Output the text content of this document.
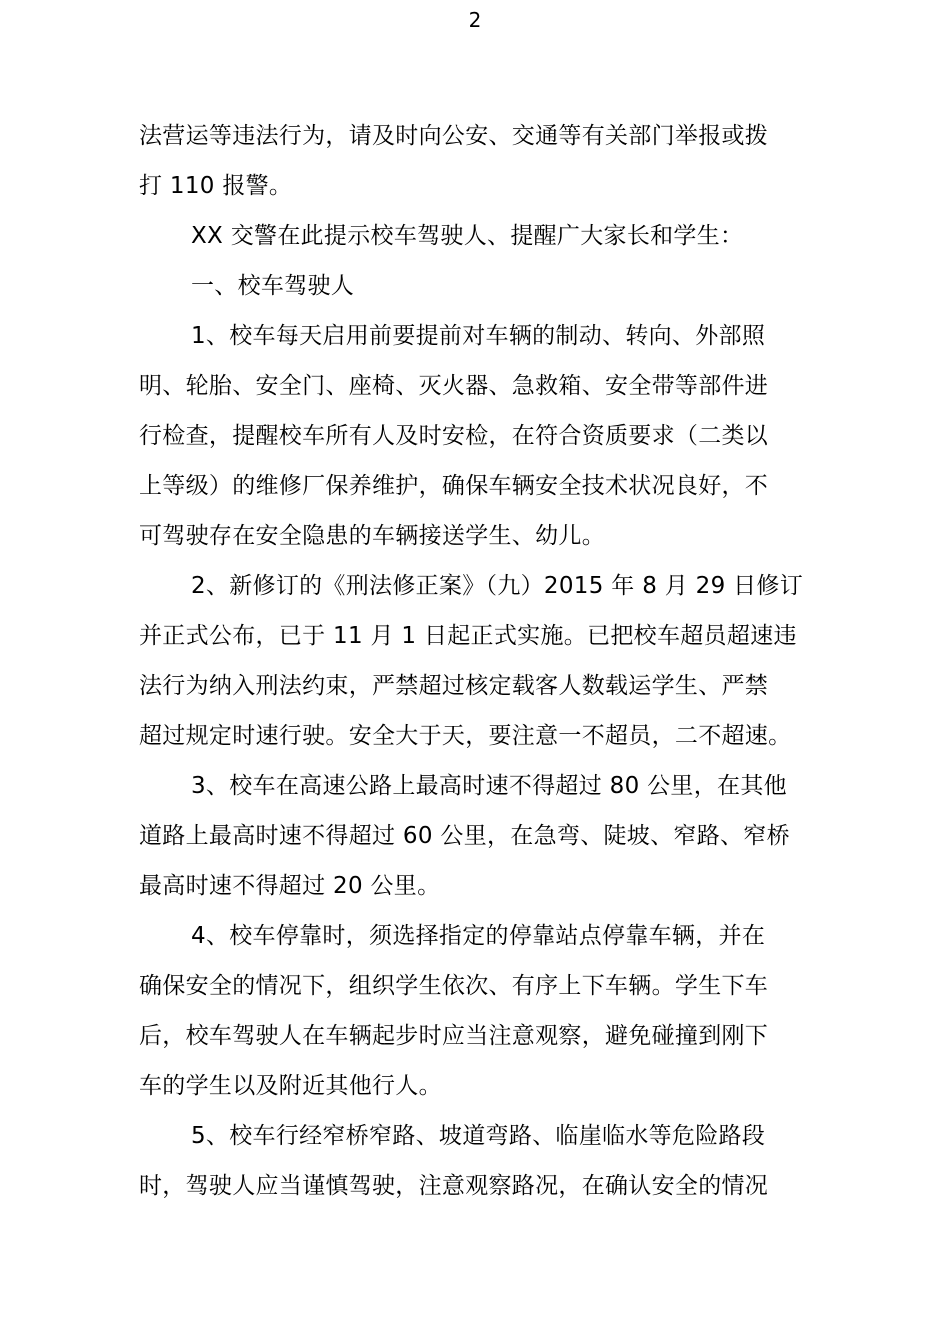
2
法营运等违法行为，请及时向公安、交通等有关部门举报或拨
打 110 报警。
XX 交警在此提示校车驾驶人、提醒广大家长和学生：
一、校车驾驶人
1、校车每天启用前要提前对车辆的制动、转向、外部照
明、轮胎、安全门、座椅、灭火器、急救箱、安全带等部件进
行检查，提醒校车所有人及时安检，在符合资质要求（二类以
上等级）的维修厂保养维护，确保车辆安全技术状况良好，不
可驾驶存在安全隐患的车辆接送学生、幼儿。
2、新修订的《刑法修正案》（九）2015 年 8 月 29 日修订
并正式公布，已于 11 月 1 日起正式实施。已把校车超员超速违
法行为纳入刑法约束，严禁超过核定载客人数载运学生、严禁
超过规定时速行驶。安全大于天，要注意一不超员，二不超速。
3、校车在高速公路上最高时速不得超过 80 公里，在其他
道路上最高时速不得超过 60 公里，在急弯、陡坡、窄路、窄桥
最高时速不得超过 20 公里。
4、校车停靠时，须选择指定的停靠站点停靠车辆，并在
确保安全的情况下，组织学生依次、有序上下车辆。学生下车
后，校车驾驶人在车辆起步时应当注意观察，避免碰撞到刚下
车的学生以及附近其他行人。
5、校车行经窄桥窄路、坡道弯路、临崖临水等危险路段
时，驾驶人应当谨慎驾驶，注意观察路况，在确认安全的情况
